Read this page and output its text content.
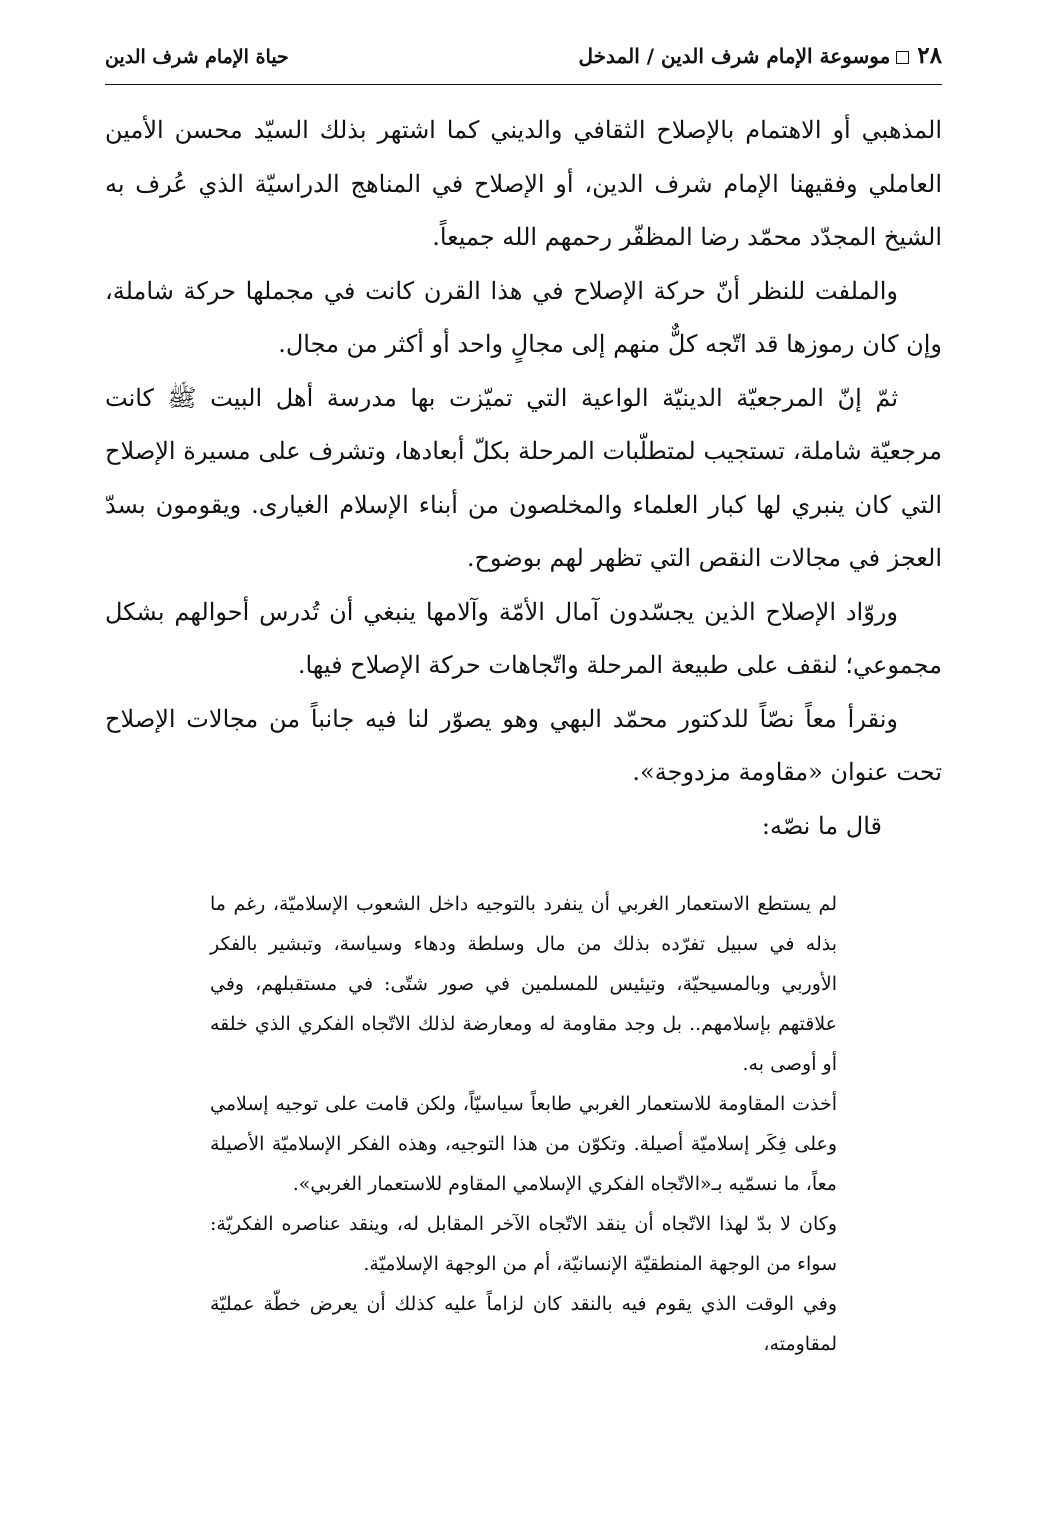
٢٨موسوعة الإمام شرف الدين / المدخل
حياة الإمام شرف الدين

المذهبي أو الاهتمام بالإصلاح الثقافي والديني كما اشتهر بذلك السيّد محسن الأمين العاملي وفقيهنا الإمام شرف الدين، أو الإصلاح في المناهج الدراسيّة الذي عُرف به الشيخ المجدّد محمّد رضا المظفّر رحمهم الله جميعاً.

والملفت للنظر أنّ حركة الإصلاح في هذا القرن كانت في مجملها حركة شاملة، وإن كان رموزها قد اتّجه كلٌّ منهم إلى مجالٍ واحد أو أكثر من مجال.

ثمّ إنّ المرجعيّة الدينيّة الواعية التي تميّزت بها مدرسة أهل البيت ﷺ كانت مرجعيّة شاملة، تستجيب لمتطلّبات المرحلة بكلّ أبعادها، وتشرف على مسيرة الإصلاح التي كان ينبري لها كبار العلماء والمخلصون من أبناء الإسلام الغيارى. ويقومون بسدّ العجز في مجالات النقص التي تظهر لهم بوضوح.

وروّاد الإصلاح الذين يجسّدون آمال الأمّة وآلامها ينبغي أن تُدرس أحوالهم بشكل مجموعي؛ لنقف على طبيعة المرحلة واتّجاهات حركة الإصلاح فيها.

ونقرأ معاً نصّاً للدكتور محمّد البهي وهو يصوّر لنا فيه جانباً من مجالات الإصلاح تحت عنوان «مقاومة مزدوجة».

قال ما نصّه:

لم يستطع الاستعمار الغربي أن ينفرد بالتوجيه داخل الشعوب الإسلاميّة، رغم ما بذله في سبيل تفرّده بذلك من مال وسلطة ودهاء وسياسة، وتبشير بالفكر الأوربي وبالمسيحيّة، وتيئيس للمسلمين في صور شتّى: في مستقبلهم، وفي علاقتهم بإسلامهم.. بل وجد مقاومة له ومعارضة لذلك الاتّجاه الفكري الذي خلقه أو أوصى به.

أخذت المقاومة للاستعمار الغربي طابعاً سياسيّاً، ولكن قامت على توجيه إسلامي وعلى فِكَر إسلاميّة أصيلة. وتكوّن من هذا التوجيه، وهذه الفكر الإسلاميّة الأصيلة معاً، ما نسمّيه بـ«الاتّجاه الفكري الإسلامي المقاوم للاستعمار الغربي».

وكان لا بدّ لهذا الاتّجاه أن ينقد الاتّجاه الآخر المقابل له، وينقد عناصره الفكريّة: سواء من الوجهة المنطقيّة الإنسانيّة، أم من الوجهة الإسلاميّة.

وفي الوقت الذي يقوم فيه بالنقد كان لزاماً عليه كذلك أن يعرض خطّة عمليّة لمقاومته،
